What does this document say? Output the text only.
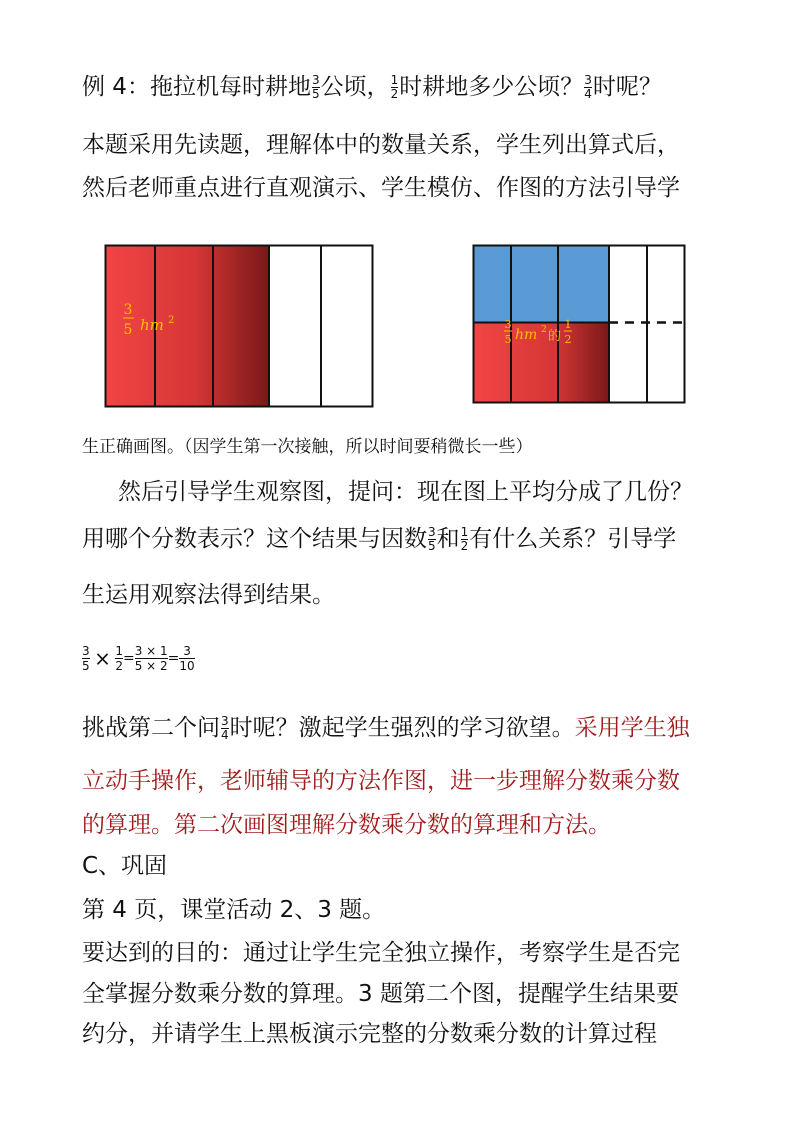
例 4：拖拉机每时耕地 $\frac{3}{5}$ 公顷， $\frac{1}{2}$ 时耕地多少公顷？ $\frac{3}{4}$ 时呢？
本题采用先读题，理解体中的数量关系，学生列出算式后，
然后老师重点进行直观演示、学生模仿、作图的方法引导学
3
5 hm 2	3
5 hm 2 的
1
2
生正确画图。（因学生第一次接触，所以时间要稍微长一些）
然后引导学生观察图，提问：现在图上平均分成了几份？
用哪个分数表示？这个结果与因数 $\frac{3}{5}$ 和 $\frac{1}{2}$ 有什么关系？引导学
生运用观察法得到结果。
$\frac{3}{5} \times \frac{1}{2} = \frac{3 \times 1}{5 \times 2} = \frac{3}{10}$
挑战第二个问 $\frac{3}{4}$ 时呢？激起学生强烈的学习欲望。采用学生独
立动手操作，老师辅导的方法作图，进一步理解分数乘分数
的算理。第二次画图理解分数乘分数的算理和方法。
C、巩固
第 4 页，课堂活动 2、3 题。
要达到的目的：通过让学生完全独立操作，考察学生是否完
全掌握分数乘分数的算理。3 题第二个图，提醒学生结果要
约分，并请学生上黑板演示完整的分数乘分数的计算过程
